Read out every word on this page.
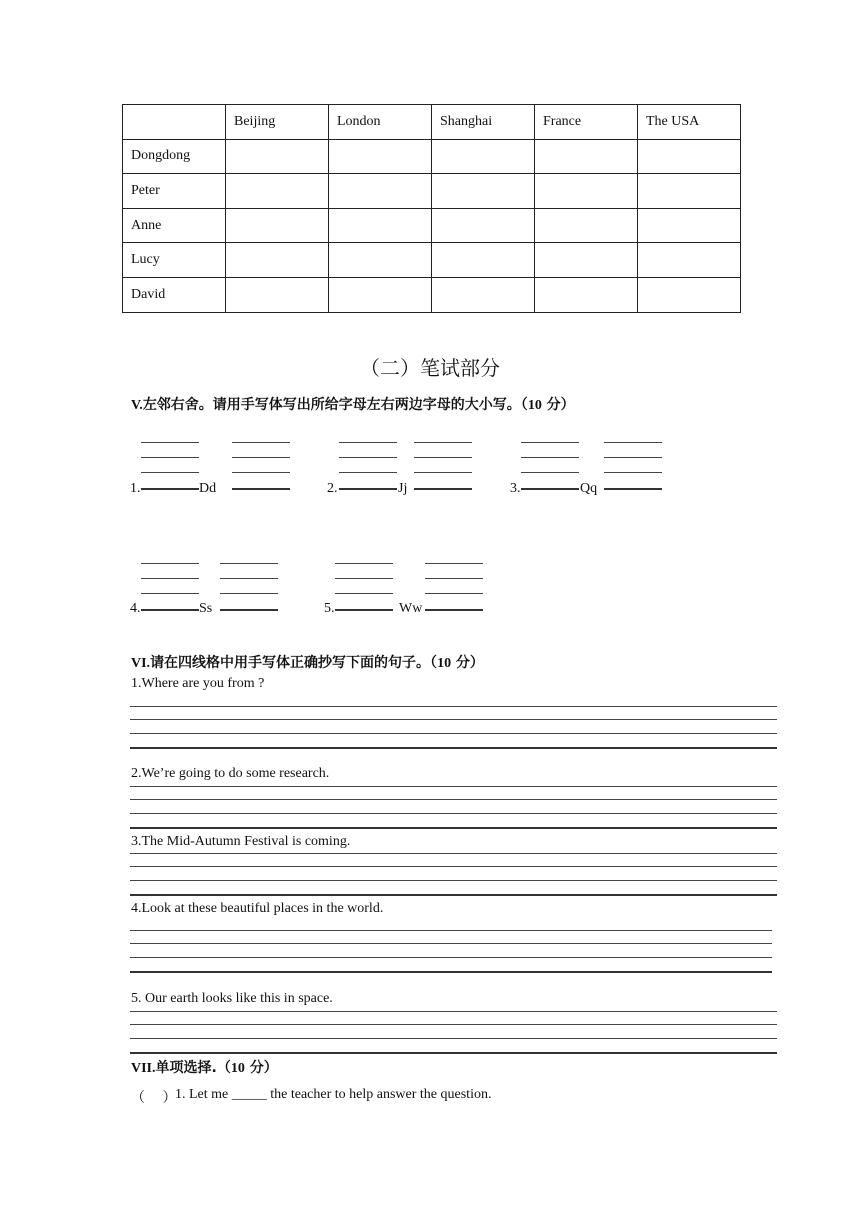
	Beijing	London	Shanghai	France	The USA
Dongdong					
Peter					
Anne					
Lucy					
David					
（二）笔试部分
V.左邻右舍。请用手写体写出所给字母左右两边字母的大小写。（10 分）
1.	Dd	2.	Jj	3.	Qq
4.	Ss	5.	Ww
VI.请在四线格中用手写体正确抄写下面的句子。（10 分）
1.Where are you from ?
2.We’re going to do some research.
3.The Mid-Autumn Festival is coming.
4.Look at these beautiful places in the world.
5. Our earth looks like this in space.
VII.单项选择.（10 分）
（     ）
1. Let me _____ the teacher to help answer the question.
